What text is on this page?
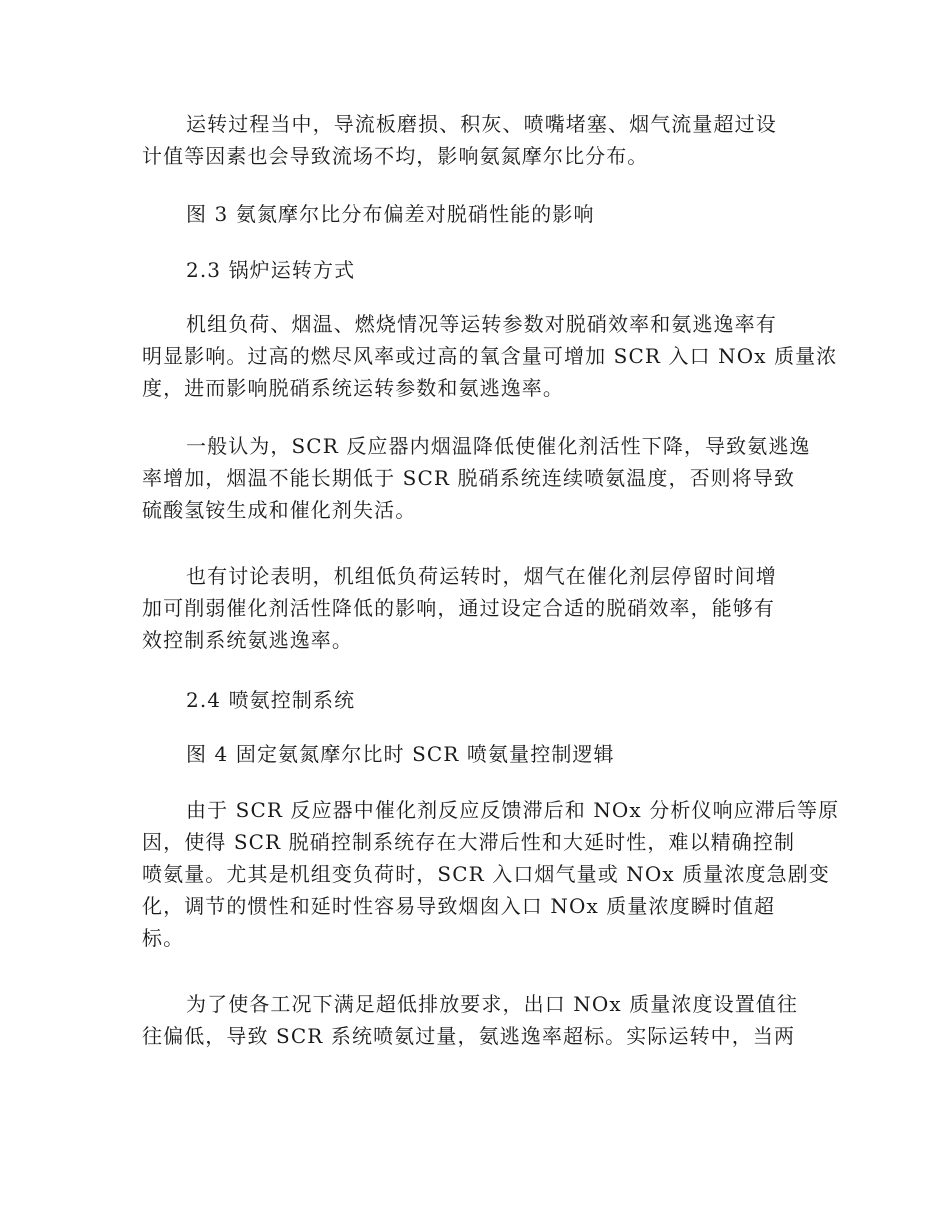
运转过程当中，导流板磨损、积灰、喷嘴堵塞、烟气流量超过设
计值等因素也会导致流场不均，影响氨氮摩尔比分布。
图 3 氨氮摩尔比分布偏差对脱硝性能的影响
2.3 锅炉运转方式
机组负荷、烟温、燃烧情况等运转参数对脱硝效率和氨逃逸率有
明显影响。过高的燃尽风率或过高的氧含量可增加 SCR 入口 NOx 质量浓
度，进而影响脱硝系统运转参数和氨逃逸率。
一般认为，SCR 反应器内烟温降低使催化剂活性下降，导致氨逃逸
率增加，烟温不能长期低于 SCR 脱硝系统连续喷氨温度，否则将导致
硫酸氢铵生成和催化剂失活。
也有讨论表明，机组低负荷运转时，烟气在催化剂层停留时间增
加可削弱催化剂活性降低的影响，通过设定合适的脱硝效率，能够有
效控制系统氨逃逸率。
2.4 喷氨控制系统
图 4 固定氨氮摩尔比时 SCR 喷氨量控制逻辑
由于 SCR 反应器中催化剂反应反馈滞后和 NOx 分析仪响应滞后等原
因，使得 SCR 脱硝控制系统存在大滞后性和大延时性，难以精确控制
喷氨量。尤其是机组变负荷时，SCR 入口烟气量或 NOx 质量浓度急剧变
化，调节的惯性和延时性容易导致烟囱入口 NOx 质量浓度瞬时值超
标。
为了使各工况下满足超低排放要求，出口 NOx 质量浓度设置值往
往偏低，导致 SCR 系统喷氨过量，氨逃逸率超标。实际运转中，当两
